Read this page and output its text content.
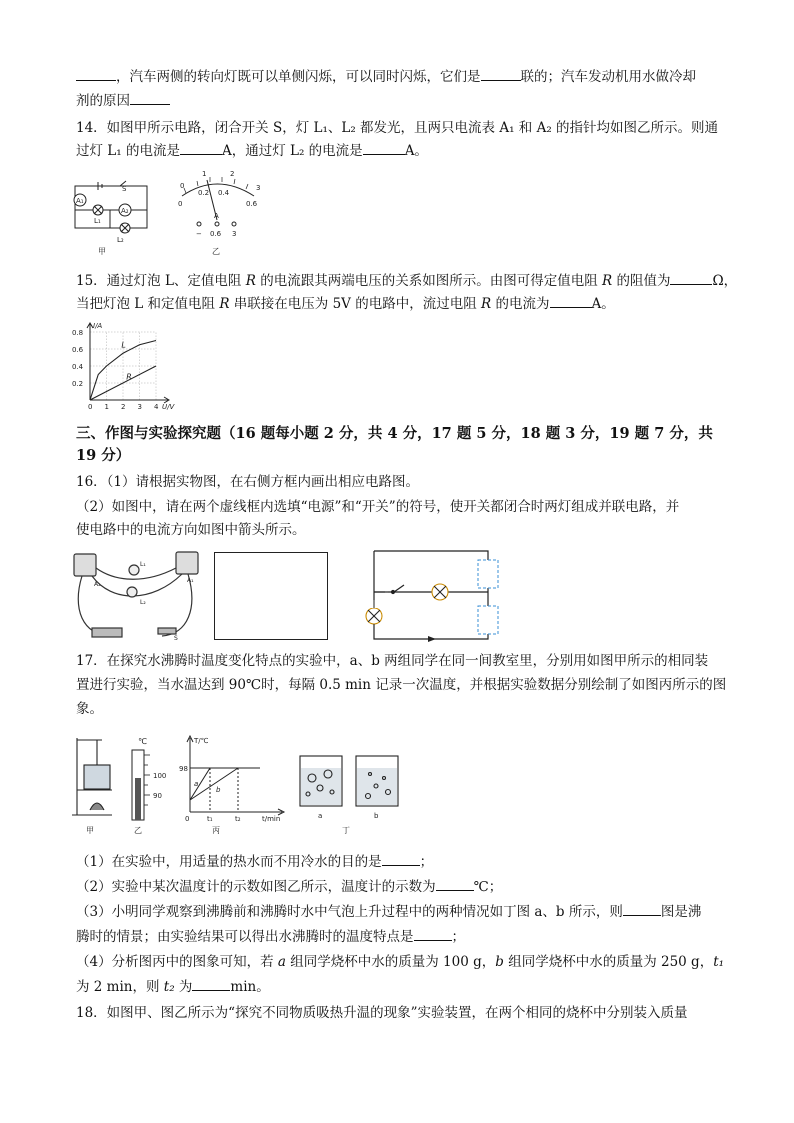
，汽车两侧的转向灯既可以单侧闪烁，可以同时闪烁，它们是	联的；汽车发动机用水做冷却
剂的原因
14．如图甲所示电路，闭合开关 S，灯 L₁、L₂ 都发光，且两只电流表 A₁ 和 A₂ 的指针均如图乙所示。则通
过灯 L₁ 的电流是	A，通过灯 L₂ 的电流是	A。
A₁
A₂
L₁
L₂
S
甲
0
1	2
3
0
0.2 0.4
0.6
A
− 0.6 3
乙
15．通过灯泡 L、定值电阻 R 的电流跟其两端电压的关系如图所示。由图可得定值电阻 R 的阻值为	Ω，
当把灯泡 L 和定值电阻 R 串联接在电压为 5V 的电路中，流过电阻 R 的电流为	A。
0 1 2 3 4
0.2
0.4
0.6
0.8
I/A
U/V
L
R
三、作图与实验探究题（16 题每小题 2 分，共 4 分，17 题 5 分，18 题 3 分，19 题 7 分，共
19 分）
16．（1）请根据实物图，在右侧方框内画出相应电路图。
（2）如图中，请在两个虚线框内选填“电源”和“开关”的符号，使开关都闭合时两灯组成并联电路，并
使电路中的电流方向如图中箭头所示。
L₁
L₂
A₁
A₂
S
17．在探究水沸腾时温度变化特点的实验中，a、b 两组同学在同一间教室里，分别用如图甲所示的相同装
置进行实验，当水温达到 90℃时，每隔 0.5 min 记录一次温度，并根据实验数据分别绘制了如图丙所示的图
象。
甲
℃
100
90
乙
T/℃
98
0	t₁	t₂	t/min
a
b
丙
a	b
丁
（1）在实验中，用适量的热水而不用冷水的目的是	；
（2）实验中某次温度计的示数如图乙所示，温度计的示数为	℃；
（3）小明同学观察到沸腾前和沸腾时水中气泡上升过程中的两种情况如丁图 a、b 所示，则	图是沸
腾时的情景；由实验结果可以得出水沸腾时的温度特点是	；
（4）分析图丙中的图象可知，若 a 组同学烧杯中水的质量为 100 g，b 组同学烧杯中水的质量为 250 g，t₁
为 2 min，则 t₂ 为	min。
18．如图甲、图乙所示为“探究不同物质吸热升温的现象”实验装置，在两个相同的烧杯中分别装入质量
